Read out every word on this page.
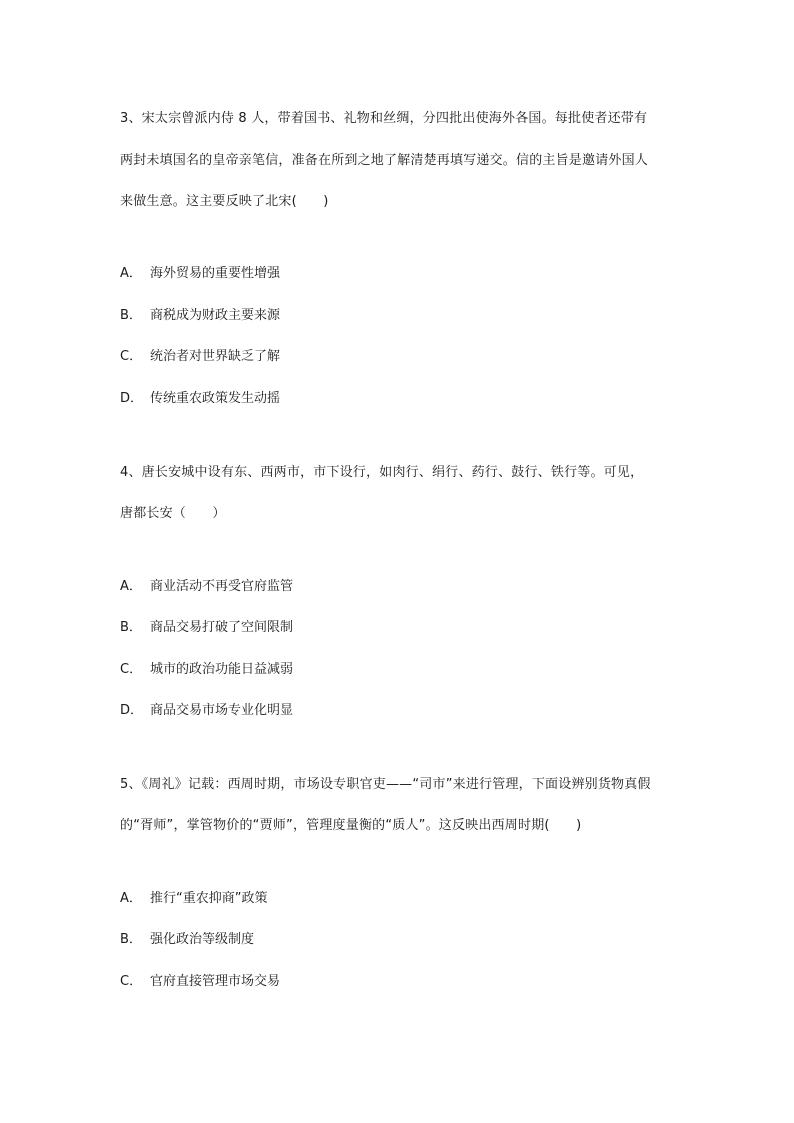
3、宋太宗曾派内侍 8 人，带着国书、礼物和丝绸，分四批出使海外各国。每批使者还带有
两封未填国名的皇帝亲笔信，准备在所到之地了解清楚再填写递交。信的主旨是邀请外国人
来做生意。这主要反映了北宋(　　)
A． 海外贸易的重要性增强
B． 商税成为财政主要来源
C． 统治者对世界缺乏了解
D． 传统重农政策发生动摇
4、唐长安城中设有东、西两市，市下设行，如肉行、绢行、药行、鼓行、铁行等。可见，
唐都长安（　　）
A． 商业活动不再受官府监管
B． 商品交易打破了空间限制
C． 城市的政治功能日益减弱
D． 商品交易市场专业化明显
5、《周礼》记载：西周时期，市场设专职官吏——“司市”来进行管理，下面设辨别货物真假
的“胥师”，掌管物价的“贾师”，管理度量衡的“质人”。这反映出西周时期(　　)
A． 推行“重农抑商”政策
B． 强化政治等级制度
C． 官府直接管理市场交易
